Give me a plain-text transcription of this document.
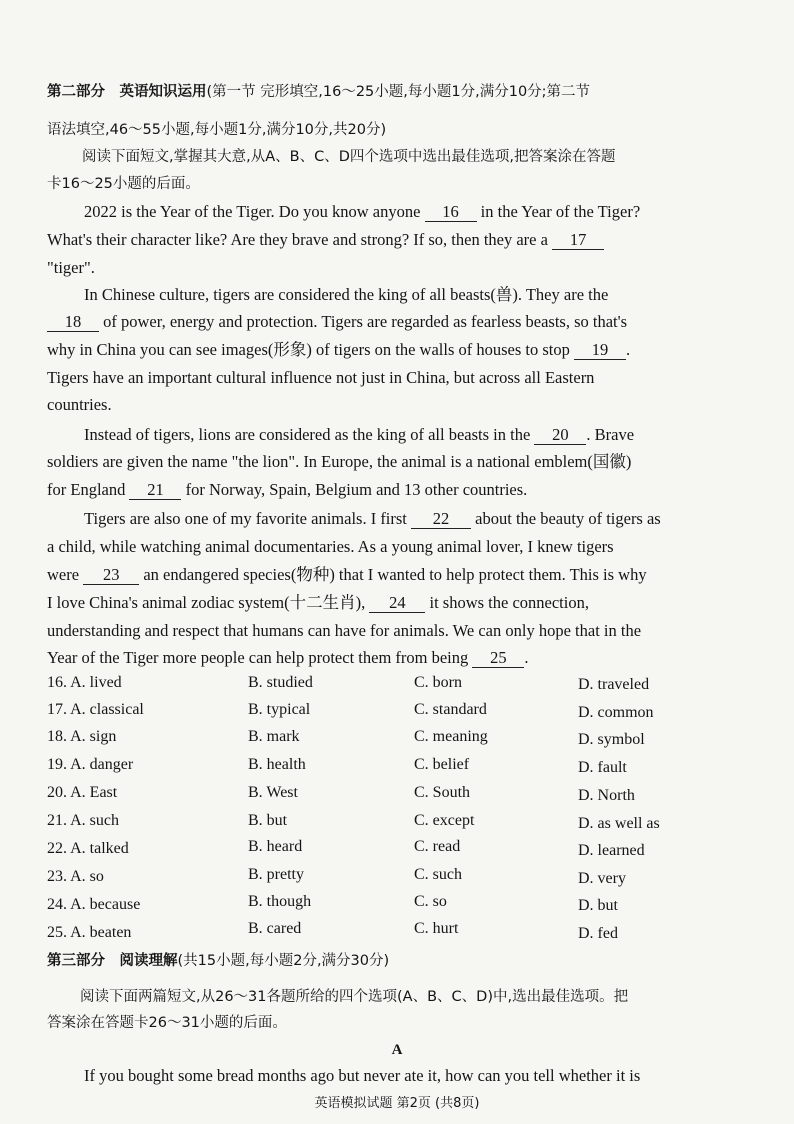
第二部分　英语知识运用(第一节 完形填空,16～25小题,每小题1分,满分10分;第二节
语法填空,46～55小题,每小题1分,满分10分,共20分)
阅读下面短文,掌握其大意,从A、B、C、D四个选项中选出最佳选项,把答案涂在答题
卡16～25小题的后面。
2022 is the Year of the Tiger. Do you know anyone 16 in the Year of the Tiger?
What's their character like? Are they brave and strong? If so, then they are a 17
"tiger".
In Chinese culture, tigers are considered the king of all beasts(兽). They are the
18 of power, energy and protection. Tigers are regarded as fearless beasts, so that's
why in China you can see images(形象) of tigers on the walls of houses to stop 19 .
Tigers have an important cultural influence not just in China, but across all Eastern
countries.
Instead of tigers, lions are considered as the king of all beasts in the 20 . Brave
soldiers are given the name "the lion". In Europe, the animal is a national emblem(国徽)
for England 21 for Norway, Spain, Belgium and 13 other countries.
Tigers are also one of my favorite animals. I first 22 about the beauty of tigers as
a child, while watching animal documentaries. As a young animal lover, I knew tigers
were 23 an endangered species(物种) that I wanted to help protect them. This is why
I love China's animal zodiac system(十二生肖), 24 it shows the connection,
understanding and respect that humans can have for animals. We can only hope that in the
Year of the Tiger more people can help protect them from being 25 .
16. A. lived	B. studied	C. born	D. traveled
17. A. classical	B. typical	C. standard	D. common
18. A. sign	B. mark	C. meaning	D. symbol
19. A. danger	B. health	C. belief	D. fault
20. A. East	B. West	C. South	D. North
21. A. such	B. but	C. except	D. as well as
22. A. talked	B. heard	C. read	D. learned
23. A. so	B. pretty	C. such	D. very
24. A. because	B. though	C. so	D. but
25. A. beaten	B. cared	C. hurt	D. fed
第三部分　阅读理解(共15小题,每小题2分,满分30分)
阅读下面两篇短文,从26～31各题所给的四个选项(A、B、C、D)中,选出最佳选项。把
答案涂在答题卡26～31小题的后面。
A
If you bought some bread months ago but never ate it, how can you tell whether it is
英语模拟试题 第2页 (共8页)
